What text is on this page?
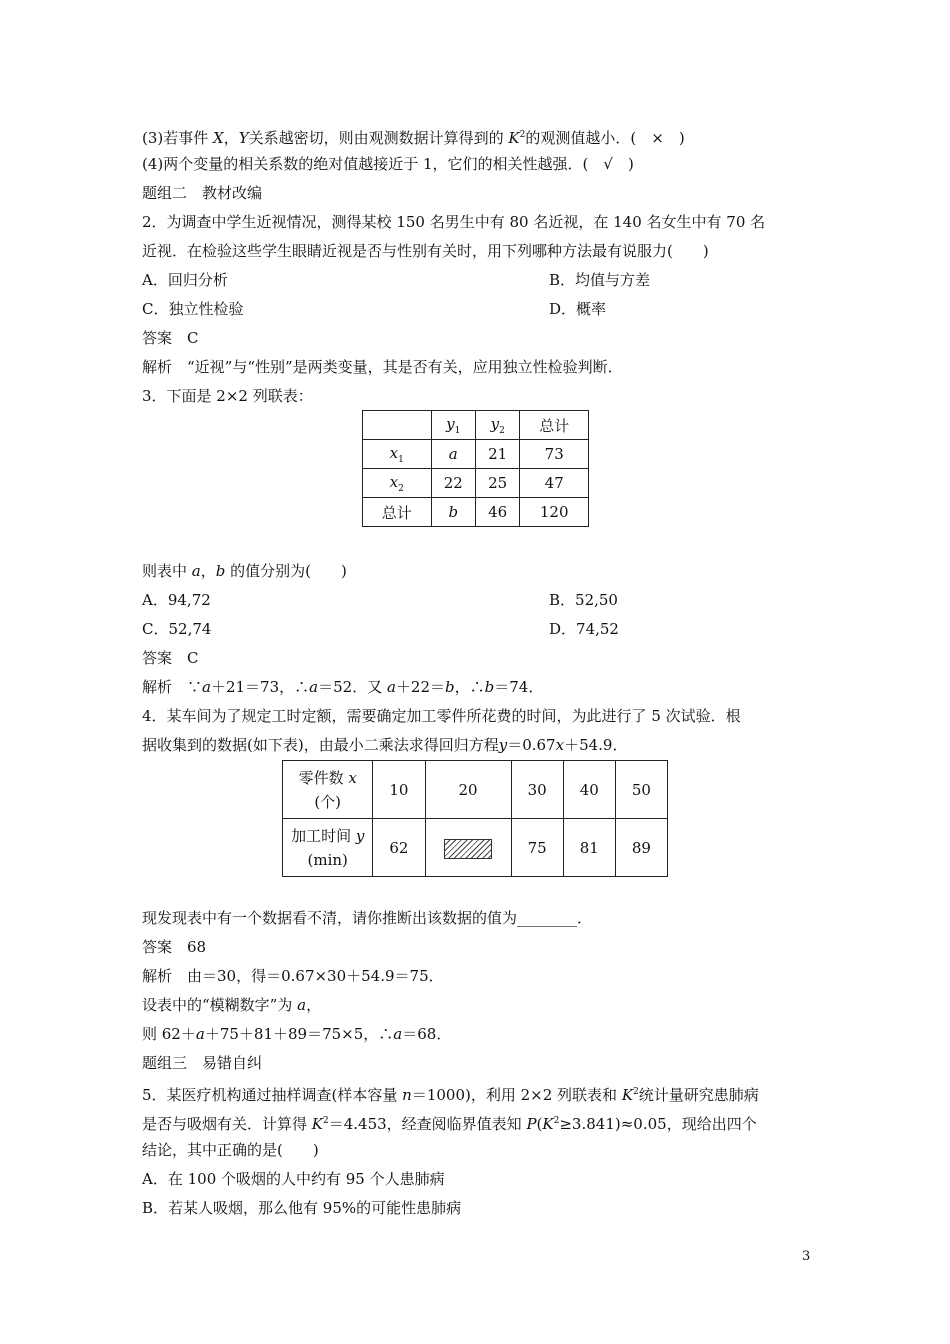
(3)若事件 X，Y关系越密切，则由观测数据计算得到的 $K^2$的观测值越小．(　×　)
(4)两个变量的相关系数的绝对值越接近于 1，它们的相关性越强．(　√　)
题组二　教材改编
2．为调查中学生近视情况，测得某校 150 名男生中有 80 名近视，在 140 名女生中有 70 名
近视．在检验这些学生眼睛近视是否与性别有关时，用下列哪种方法最有说服力(　　)
A．回归分析	B．均值与方差
C．独立性检验	D．概率
答案　C
解析　“近视”与“性别”是两类变量，其是否有关，应用独立性检验判断．
3．下面是 2×2 列联表：
	$y_1$	$y_2$	总计
$x_1$	a	21	73
$x_2$	22	25	47
总计	b	46	120
则表中 a，b 的值分别为(　　)
A．94,72	B．52,50
C．52,74	D．74,52
答案　C
解析　∵a＋21＝73，∴a＝52．又 a＋22＝b，∴b＝74．
4．某车间为了规定工时定额，需要确定加工零件所花费的时间，为此进行了 5 次试验．根
据收集到的数据(如下表)，由最小二乘法求得回归方程y＝0.67x＋54.9．
零件数 x
(个)	10	20	30	40	50
加工时间 y
(min)	62		75	81	89
现发现表中有一个数据看不清，请你推断出该数据的值为________．
答案　68
解析　由＝30，得＝0.67×30＋54.9＝75．
设表中的“模糊数字”为 a，
则 62＋a＋75＋81＋89＝75×5，∴a＝68．
题组三　易错自纠
5．某医疗机构通过抽样调查(样本容量 n＝1000)，利用 2×2 列联表和 $K^2$统计量研究患肺病
是否与吸烟有关．计算得 $K^2=4.453$，经查阅临界值表知 $P(K^2\ge 3.841)\approx 0.05$，现给出四个
结论，其中正确的是(　　)
A．在 100 个吸烟的人中约有 95 个人患肺病
B．若某人吸烟，那么他有 95%的可能性患肺病
3
